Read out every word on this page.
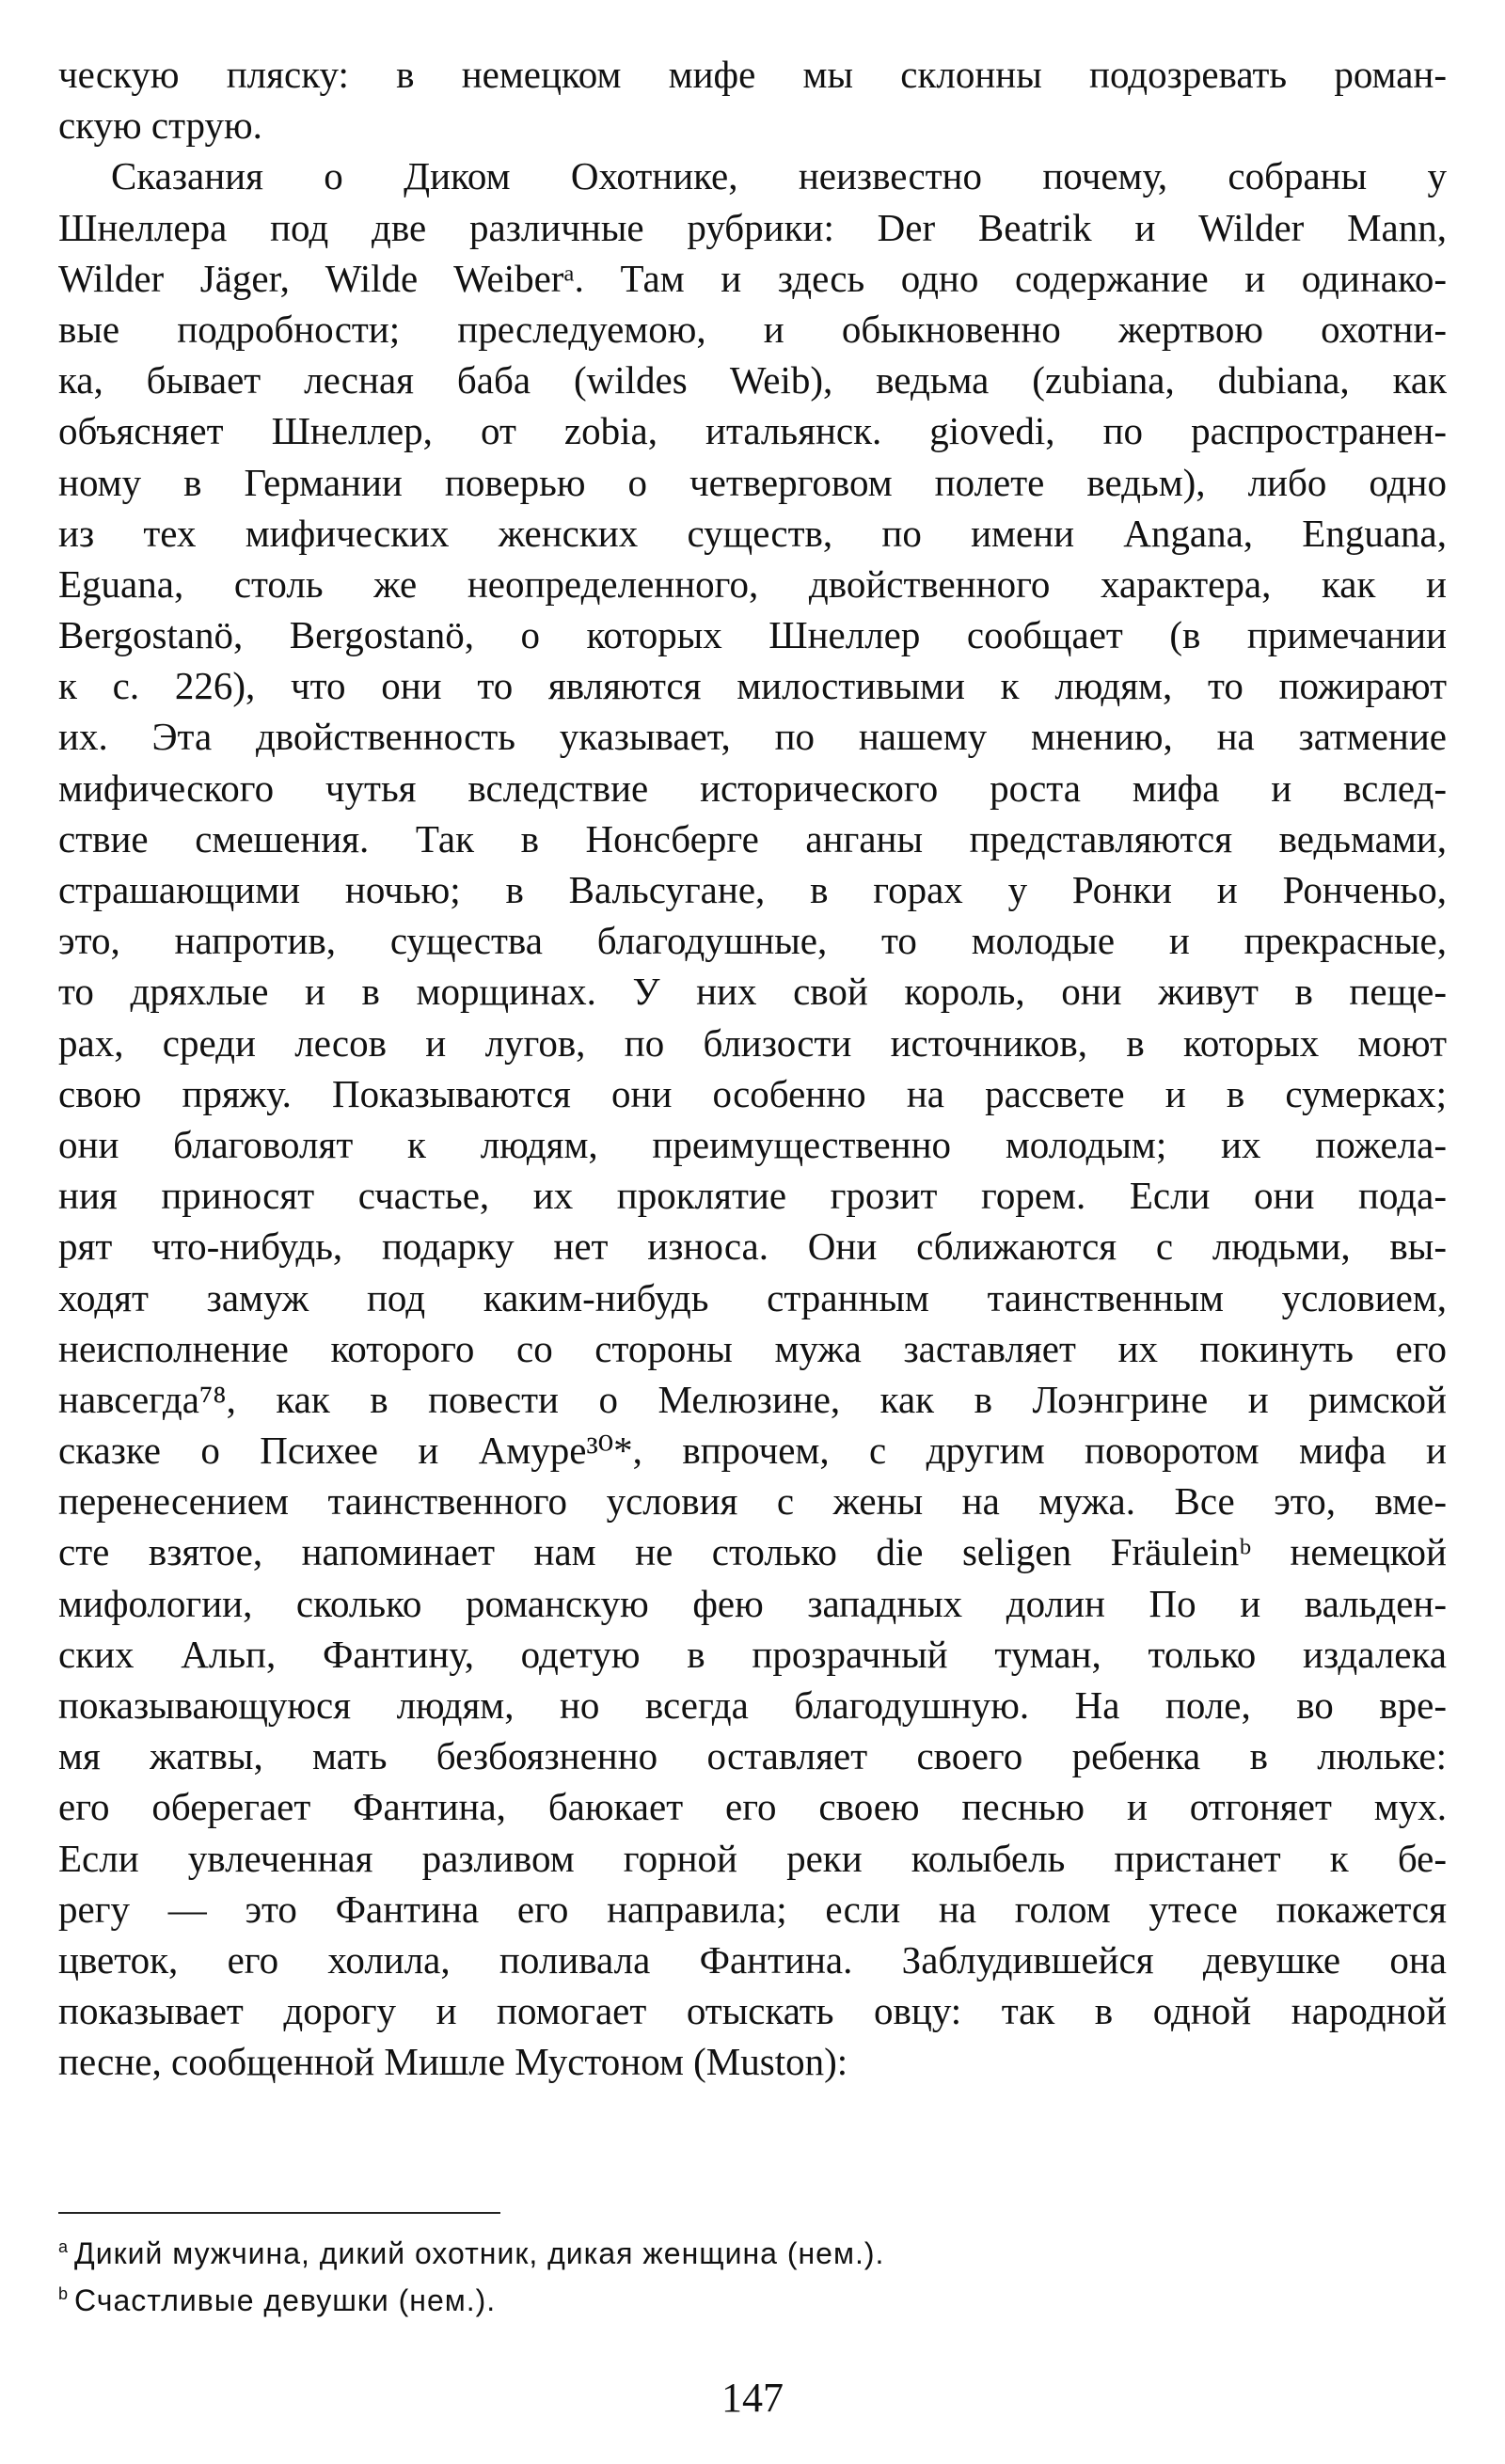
ческую пляску: в немецком мифе мы склонны подозревать роман-
скую струю.
Сказания о Диком Охотнике, неизвестно почему, собраны у
Шнеллера под две различные рубрики: Der Beatrik и Wilder Mann,
Wilder Jäger, Wilde Weiberᵃ. Там и здесь одно содержание и одинако-
вые подробности; преследуемою, и обыкновенно жертвою охотни-
ка, бывает лесная баба (wildes Weib), ведьма (zubiana, dubiana, как
объясняет Шнеллер, от zobia, итальянск. giovedi, по распространен-
ному в Германии поверью о четверговом полете ведьм), либо одно
из тех мифических женских существ, по имени Angana, Enguana,
Eguana, столь же неопределенного, двойственного характера, как и
Bergostanö, Bergostanö, о которых Шнеллер сообщает (в примечании
к с. 226), что они то являются милостивыми к людям, то пожирают
их. Эта двойственность указывает, по нашему мнению, на затмение
мифического чутья вследствие исторического роста мифа и вслед-
ствие смешения. Так в Нонсберге анганы представляются ведьмами,
страшающими ночью; в Вальсугане, в горах у Ронки и Ронченьо,
это, напротив, существа благодушные, то молодые и прекрасные,
то дряхлые и в морщинах. У них свой король, они живут в пеще-
рах, среди лесов и лугов, по близости источников, в которых моют
свою пряжу. Показываются они особенно на рассвете и в сумерках;
они благоволят к людям, преимущественно молодым; их пожела-
ния приносят счастье, их проклятие грозит горем. Если они пода-
рят что-нибудь, подарку нет износа. Они сближаются с людьми, вы-
ходят замуж под каким-нибудь странным таинственным условием,
неисполнение которого со стороны мужа заставляет их покинуть его
навсегда⁷⁸, как в повести о Мелюзине, как в Лоэнгрине и римской
сказке о Психее и Амуре³⁰*, впрочем, с другим поворотом мифа и
перенесением таинственного условия с жены на мужа. Все это, вме-
сте взятое, напоминает нам не столько die seligen Fräuleinᵇ немецкой
мифологии, сколько романскую фею западных долин По и вальден-
ских Альп, Фантину, одетую в прозрачный туман, только издалека
показывающуюся людям, но всегда благодушную. На поле, во вре-
мя жатвы, мать безбоязненно оставляет своего ребенка в люльке:
его оберегает Фантина, баюкает его своею песнью и отгоняет мух.
Если увлеченная разливом горной реки колыбель пристанет к бе-
регу — это Фантина его направила; если на голом утесе покажется
цветок, его холила, поливала Фантина. Заблудившейся девушке она
показывает дорогу и помогает отыскать овцу: так в одной народной
песне, сообщенной Мишле Мустоном (Muston):
$^a$ Дикий мужчина, дикий охотник, дикая женщина (нем.).
$^b$ Счастливые девушки (нем.).
147
